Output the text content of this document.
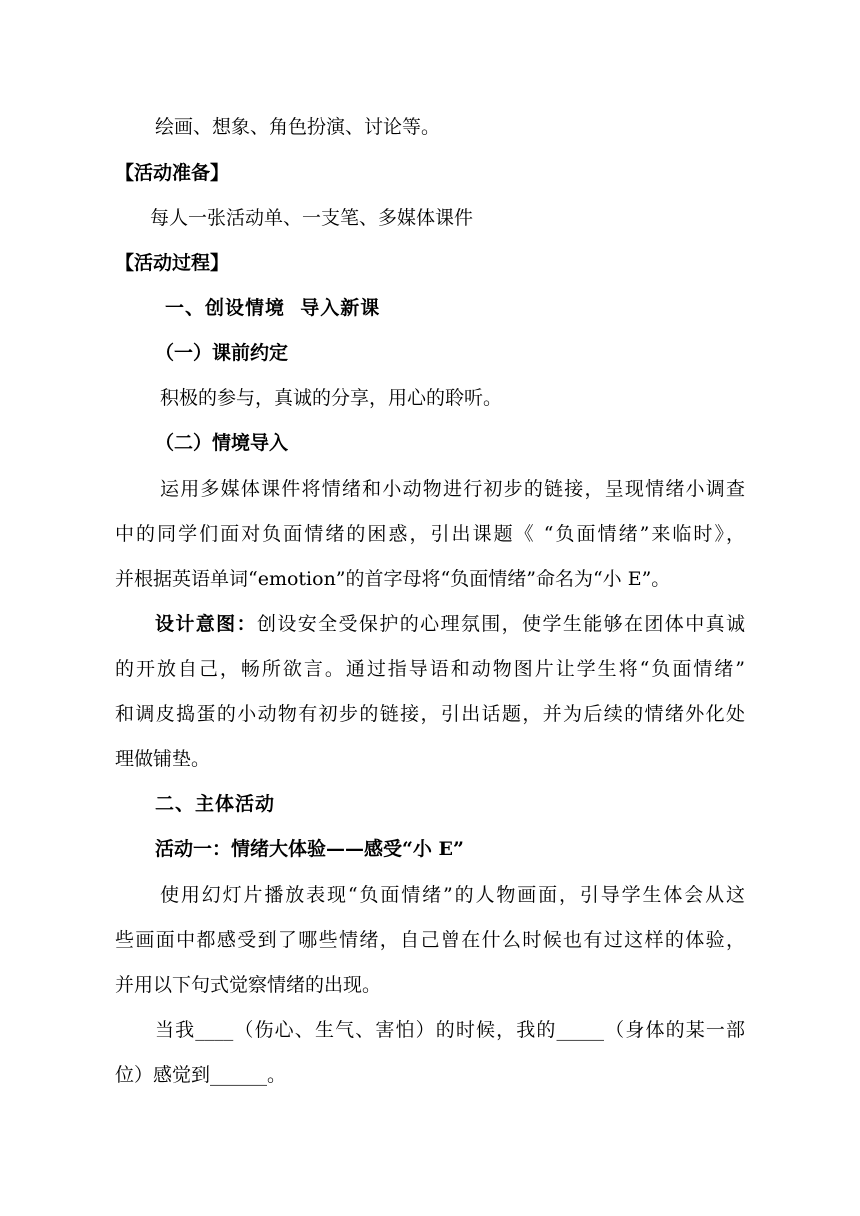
绘画、想象、角色扮演、讨论等。
【活动准备】
每人一张活动单、一支笔、多媒体课件
【活动过程】
一、创设情境  导入新课
（一）课前约定
积极的参与，真诚的分享，用心的聆听。
（二）情境导入
运用多媒体课件将情绪和小动物进行初步的链接，呈现情绪小调查
中的同学们面对负面情绪的困惑，引出课题《 “负面情绪”来临时》，
并根据英语单词“emotion”的首字母将“负面情绪”命名为“小 E”。
设计意图：创设安全受保护的心理氛围，使学生能够在团体中真诚
的开放自己，畅所欲言。通过指导语和动物图片让学生将“负面情绪”
和调皮捣蛋的小动物有初步的链接，引出话题，并为后续的情绪外化处
理做铺垫。
二、主体活动
活动一：情绪大体验——感受“小 E”
使用幻灯片播放表现“负面情绪”的人物画面，引导学生体会从这
些画面中都感受到了哪些情绪，自己曾在什么时候也有过这样的体验，
并用以下句式觉察情绪的出现。
当我____（伤心、生气、害怕）的时候，我的_____（身体的某一部
位）感觉到______。
